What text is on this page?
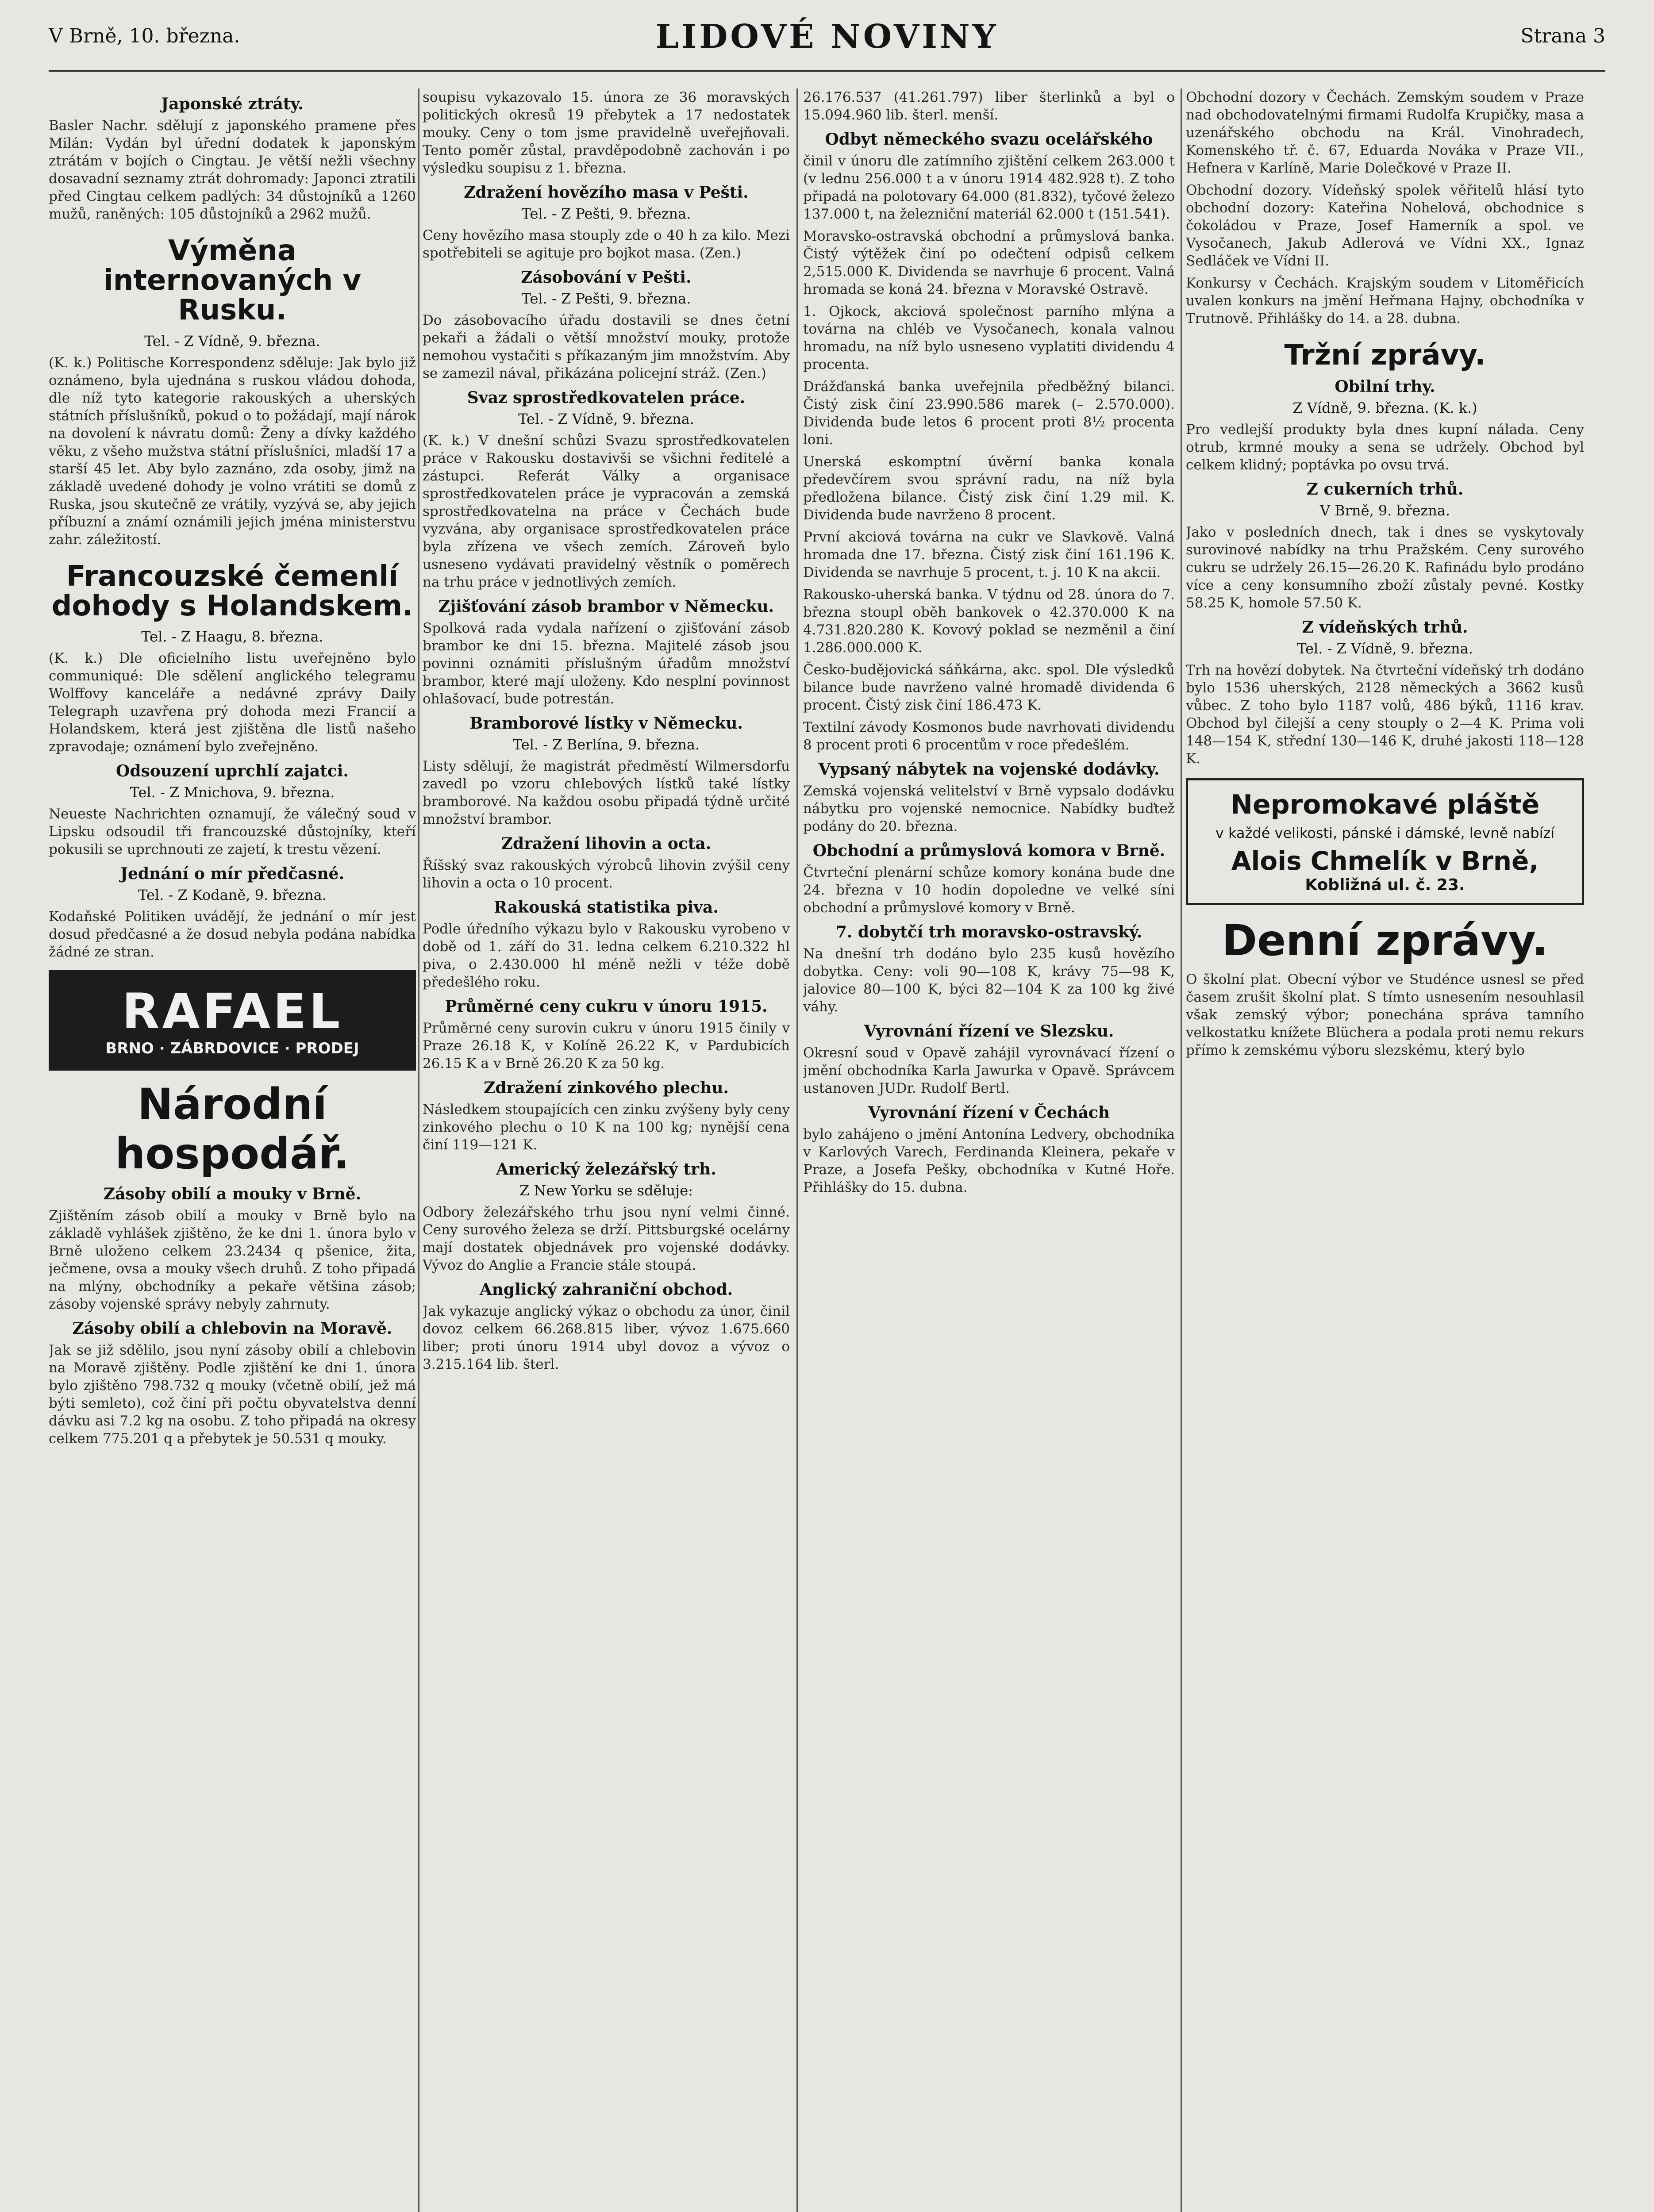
V Brně, 10. března.	LIDOVÉ NOVINY	Strana 3
Japonské ztráty.

Basler Nachr. sdělují z japonského pramene přes Milán: Vydán byl úřední dodatek k japonským ztrátám v bojích o Cingtau. Je větší nežli všechny dosavadní seznamy ztrát dohromady: Japonci ztratili před Cingtau celkem padlých: 34 důstojníků a 1260 mužů, raněných: 105 důstojníků a 2962 mužů.

Výměna internovaných v Rusku.
Tel. - Z Vídně, 9. března.

(K. k.) Politische Korrespondenz sděluje: Jak bylo již oznámeno, byla ujednána s ruskou vládou dohoda, dle níž tyto kategorie rakouských a uherských státních příslušníků, pokud o to požádají, mají nárok na dovolení k návratu domů: Ženy a dívky každého věku, z všeho mužstva státní příslušníci, mladší 17 a starší 45 let. Aby bylo zaznáno, zda osoby, jimž na základě uvedené dohody je volno vrátiti se domů z Ruska, jsou skutečně ze vrátily, vyzývá se, aby jejich příbuzní a známí oznámili jejich jména ministerstvu zahr. záležitostí.

Francouzské čemenlí dohody s Holandskem.
Tel. - Z Haagu, 8. března.

(K. k.) Dle oficielního listu uveřejněno bylo communiqué: Dle sdělení anglického telegramu Wolffovy kanceláře a nedávné zprávy Daily Telegraph uzavřena prý dohoda mezi Francií a Holandskem, která jest zjištěna dle listů našeho zpravodaje; oznámení bylo zveřejněno.

Odsouzení uprchlí zajatci.
Tel. - Z Mnichova, 9. března.

Neueste Nachrichten oznamují, že válečný soud v Lipsku odsoudil tři francouzské důstojníky, kteří pokusili se uprchnouti ze zajetí, k trestu vězení.

Jednání o mír předčasné.
Tel. - Z Kodaně, 9. března.

Kodaňské Politiken uvádějí, že jednání o mír jest dosud předčasné a že dosud nebyla podána nabídka žádné ze stran.

RAFAEL
BRNO · ZÁBRDOVICE · PRODEJ
Národní hospodář.
Zásoby obilí a mouky v Brně.

Zjištěním zásob obilí a mouky v Brně bylo na základě vyhlášek zjištěno, že ke dni 1. února bylo v Brně uloženo celkem 23.2434 q pšenice, žita, ječmene, ovsa a mouky všech druhů. Z toho připadá na mlýny, obchodníky a pekaře většina zásob; zásoby vojenské správy nebyly zahrnuty.

Zásoby obilí a chlebovin na Moravě.

Jak se již sdělilo, jsou nyní zásoby obilí a chlebovin na Moravě zjištěny. Podle zjištění ke dni 1. února bylo zjištěno 798.732 q mouky (včetně obilí, jež má býti semleto), což činí při počtu obyvatelstva denní dávku asi 7.2 kg na osobu. Z toho připadá na okresy celkem 775.201 q a přebytek je 50.531 q mouky.

soupisu vykazovalo 15. února ze 36 moravských politických okresů 19 přebytek a 17 nedostatek mouky. Ceny o tom jsme pravidelně uveřejňovali. Tento poměr zůstal, pravděpodobně zachován i po výsledku soupisu z 1. března.

Zdražení hovězího masa v Pešti.
Tel. - Z Pešti, 9. března.

Ceny hovězího masa stouply zde o 40 h za kilo. Mezi spotřebiteli se agituje pro bojkot masa. (Zen.)

Zásobování v Pešti.
Tel. - Z Pešti, 9. března.

Do zásobovacího úřadu dostavili se dnes četní pekaři a žádali o větší množství mouky, protože nemohou vystačiti s příkazaným jim množstvím. Aby se zamezil nával, přikázána policejní stráž. (Zen.)

Svaz sprostředkovatelen práce.
Tel. - Z Vídně, 9. března.

(K. k.) V dnešní schůzi Svazu sprostředkovatelen práce v Rakousku dostavivši se všichni ředitelé a zástupci. Referát Války a organisace sprostředkovatelen práce je vypracován a zemská sprostředkovatelna na práce v Čechách bude vyzvána, aby organisace sprostředkovatelen práce byla zřízena ve všech zemích. Zároveň bylo usneseno vydávati pravidelný věstník o poměrech na trhu práce v jednotlivých zemích.

Zjišťování zásob brambor v Německu.

Spolková rada vydala nařízení o zjišťování zásob brambor ke dni 15. března. Majitelé zásob jsou povinni oznámiti příslušným úřadům množství brambor, které mají uloženy. Kdo nesplní povinnost ohlašovací, bude potrestán.

Bramborové lístky v Německu.
Tel. - Z Berlína, 9. března.

Listy sdělují, že magistrát předměstí Wilmersdorfu zavedl po vzoru chlebových lístků také lístky bramborové. Na každou osobu připadá týdně určité množství brambor.

Zdražení lihovin a octa.

Říšský svaz rakouských výrobců lihovin zvýšil ceny lihovin a octa o 10 procent.

Rakouská statistika piva.

Podle úředního výkazu bylo v Rakousku vyrobeno v době od 1. září do 31. ledna celkem 6.210.322 hl piva, o 2.430.000 hl méně nežli v téže době předešlého roku.

Průměrné ceny cukru v únoru 1915.

Průměrné ceny surovin cukru v únoru 1915 činily v Praze 26.18 K, v Kolíně 26.22 K, v Pardubicích 26.15 K a v Brně 26.20 K za 50 kg.

Zdražení zinkového plechu.

Následkem stoupajících cen zinku zvýšeny byly ceny zinkového plechu o 10 K na 100 kg; nynější cena činí 119—121 K.

Americký železářský trh.
Z New Yorku se sděluje:

Odbory železářského trhu jsou nyní velmi činné. Ceny surového železa se drží. Pittsburgské ocelárny mají dostatek objednávek pro vojenské dodávky. Vývoz do Anglie a Francie stále stoupá.

Anglický zahraniční obchod.

Jak vykazuje anglický výkaz o obchodu za únor, činil dovoz celkem 66.268.815 liber, vývoz 1.675.660 liber; proti únoru 1914 ubyl dovoz a vývoz o 3.215.164 lib. šterl.

26.176.537 (41.261.797) liber šterlinků a byl o 15.094.960 lib. šterl. menší.

Odbyt německého svazu ocelářského

činil v únoru dle zatímního zjištění celkem 263.000 t (v lednu 256.000 t a v únoru 1914 482.928 t). Z toho připadá na polotovary 64.000 (81.832), tyčové železo 137.000 t, na železniční materiál 62.000 t (151.541).

Moravsko-ostravská obchodní a průmyslová banka. Čistý výtěžek činí po odečtení odpisů celkem 2,515.000 K. Dividenda se navrhuje 6 procent. Valná hromada se koná 24. března v Moravské Ostravě.

1. Ojkock, akciová společnost parního mlýna a továrna na chléb ve Vysočanech, konala valnou hromadu, na níž bylo usneseno vyplatiti dividendu 4 procenta.

Drážďanská banka uveřejnila předběžný bilanci. Čistý zisk činí 23.990.586 marek (– 2.570.000). Dividenda bude letos 6 procent proti 8½ procenta loni.

Unerská eskomptní úvěrní banka konala předevčírem svou správní radu, na níž byla předložena bilance. Čistý zisk činí 1.29 mil. K. Dividenda bude navrženo 8 procent.

První akciová továrna na cukr ve Slavkově. Valná hromada dne 17. března. Čistý zisk činí 161.196 K. Dividenda se navrhuje 5 procent, t. j. 10 K na akcii.

Rakousko-uherská banka. V týdnu od 28. února do 7. března stoupl oběh bankovek o 42.370.000 K na 4.731.820.280 K. Kovový poklad se nezměnil a činí 1.286.000.000 K.

Česko-budějovická sáňkárna, akc. spol. Dle výsledků bilance bude navrženo valné hromadě dividenda 6 procent. Čistý zisk činí 186.473 K.

Textilní závody Kosmonos bude navrhovati dividendu 8 procent proti 6 procentům v roce předešlém.

Vypsaný nábytek na vojenské dodávky.

Zemská vojenská velitelství v Brně vypsalo dodávku nábytku pro vojenské nemocnice. Nabídky buďtež podány do 20. března.

Obchodní a průmyslová komora v Brně.

Čtvrteční plenární schůze komory konána bude dne 24. března v 10 hodin dopoledne ve velké síni obchodní a průmyslové komory v Brně.

7. dobytčí trh moravsko-ostravský.

Na dnešní trh dodáno bylo 235 kusů hovězího dobytka. Ceny: voli 90—108 K, krávy 75—98 K, jalovice 80—100 K, býci 82—104 K za 100 kg živé váhy.

Vyrovnání řízení ve Slezsku.

Okresní soud v Opavě zahájil vyrovnávací řízení o jmění obchodníka Karla Jawurka v Opavě. Správcem ustanoven JUDr. Rudolf Bertl.

Vyrovnání řízení v Čechách

bylo zahájeno o jmění Antonína Ledvery, obchodníka v Karlových Varech, Ferdinanda Kleinera, pekaře v Praze, a Josefa Pešky, obchodníka v Kutné Hoře. Přihlášky do 15. dubna.

Obchodní dozory v Čechách. Zemským soudem v Praze nad obchodovatelnými firmami Rudolfa Krupičky, masa a uzenářského obchodu na Král. Vinohradech, Komenského tř. č. 67, Eduarda Nováka v Praze VII., Hefnera v Karlíně, Marie Dolečkové v Praze II.

Obchodní dozory. Vídeňský spolek věřitelů hlásí tyto obchodní dozory: Kateřina Nohelová, obchodnice s čokoládou v Praze, Josef Hamerník a spol. ve Vysočanech, Jakub Adlerová ve Vídni XX., Ignaz Sedláček ve Vídni II.

Konkursy v Čechách. Krajským soudem v Litoměřicích uvalen konkurs na jmění Heřmana Hajny, obchodníka v Trutnově. Přihlášky do 14. a 28. dubna.

Tržní zprávy.
Obilní trhy.
Z Vídně, 9. března. (K. k.)

Pro vedlejší produkty byla dnes kupní nálada. Ceny otrub, krmné mouky a sena se udržely. Obchod byl celkem klidný; poptávka po ovsu trvá.

Z cukerních trhů.
V Brně, 9. března.

Jako v posledních dnech, tak i dnes se vyskytovaly surovinové nabídky na trhu Pražském. Ceny surového cukru se udržely 26.15—26.20 K. Rafinádu bylo prodáno více a ceny konsumního zboží zůstaly pevné. Kostky 58.25 K, homole 57.50 K.

Z vídeňských trhů.
Tel. - Z Vídně, 9. března.

Trh na hovězí dobytek. Na čtvrteční vídeňský trh dodáno bylo 1536 uherských, 2128 německých a 3662 kusů vůbec. Z toho bylo 1187 volů, 486 býků, 1116 krav. Obchod byl čilejší a ceny stouply o 2—4 K. Prima voli 148—154 K, střední 130—146 K, druhé jakosti 118—128 K.

Nepromokavé pláště
v každé velikosti, pánské i dámské, levně nabízí
Alois Chmelík v Brně,
Kobližná ul. č. 23.
Denní zprávy.

O školní plat. Obecní výbor ve Studénce usnesl se před časem zrušit školní plat. S tímto usnesením nesouhlasil však zemský výbor; ponechána správa tamního velkostatku knížete Blüchera a podala proti nemu rekurs přímo k zemskému výboru slezskému, který bylo
